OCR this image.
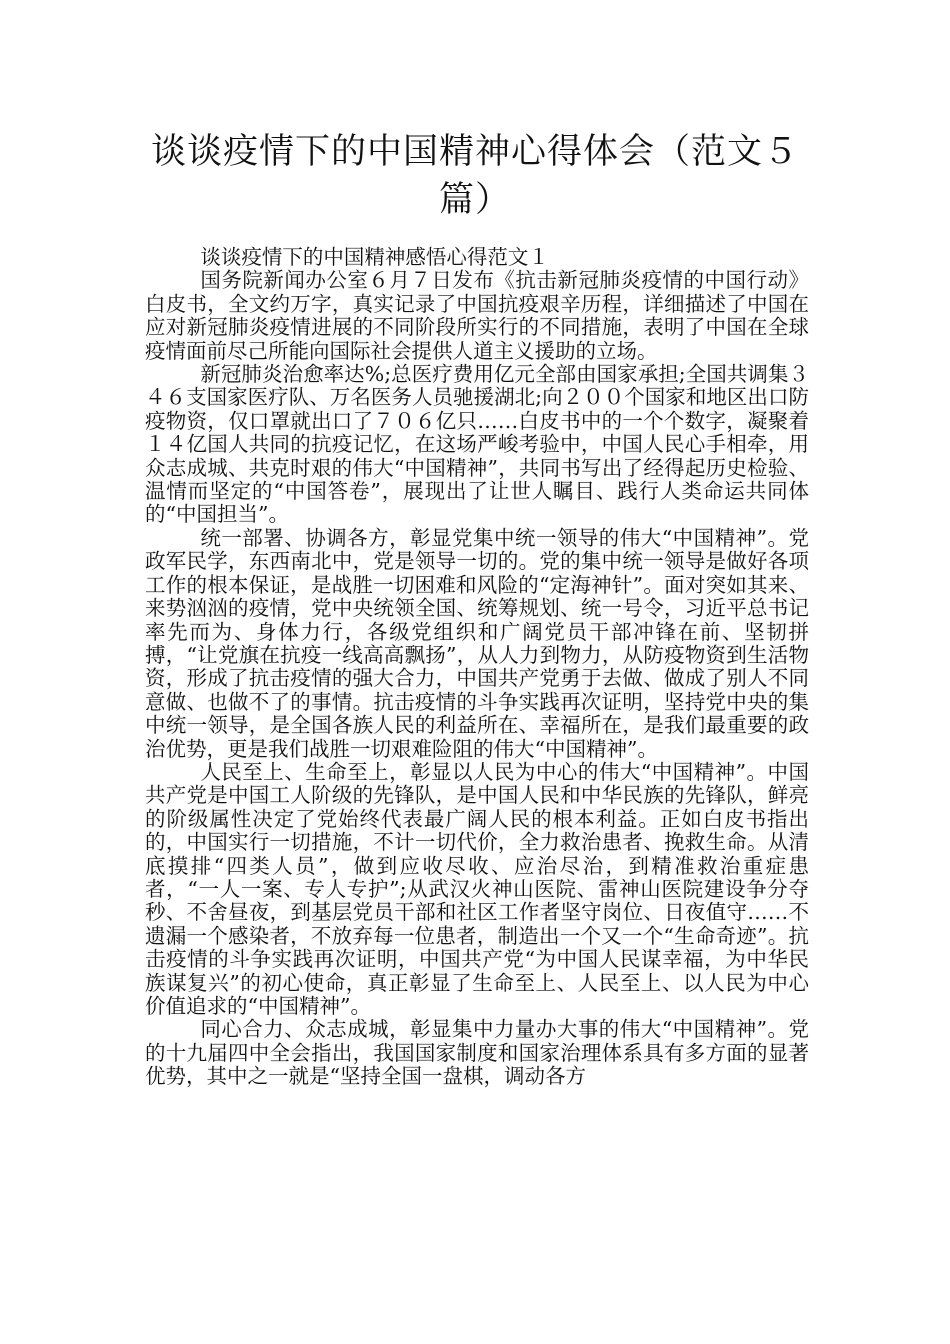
谈谈疫情下的中国精神心得体会（范文５篇）

谈谈疫情下的中国精神感悟心得范文１

国务院新闻办公室６月７日发布《抗击新冠肺炎疫情的中国行动》白皮书，全文约万字，真实记录了中国抗疫艰辛历程，详细描述了中国在应对新冠肺炎疫情进展的不同阶段所实行的不同措施，表明了中国在全球疫情面前尽己所能向国际社会提供人道主义援助的立场。

新冠肺炎治愈率达%;总医疗费用亿元全部由国家承担;全国共调集３４６支国家医疗队、万名医务人员驰援湖北;向２００个国家和地区出口防疫物资，仅口罩就出口了７０６亿只……白皮书中的一个个数字，凝聚着１４亿国人共同的抗疫记忆，在这场严峻考验中，中国人民心手相牵，用众志成城、共克时艰的伟大“中国精神”，共同书写出了经得起历史检验、温情而坚定的“中国答卷”，展现出了让世人瞩目、践行人类命运共同体的“中国担当”。

统一部署、协调各方，彰显党集中统一领导的伟大“中国精神”。党政军民学，东西南北中，党是领导一切的。党的集中统一领导是做好各项工作的根本保证，是战胜一切困难和风险的“定海神针”。面对突如其来、来势汹汹的疫情，党中央统领全国、统筹规划、统一号令，习近平总书记率先而为、身体力行，各级党组织和广阔党员干部冲锋在前、坚韧拼搏，“让党旗在抗疫一线高高飘扬”，从人力到物力，从防疫物资到生活物资，形成了抗击疫情的强大合力，中国共产党勇于去做、做成了别人不同意做、也做不了的事情。抗击疫情的斗争实践再次证明，坚持党中央的集中统一领导，是全国各族人民的利益所在、幸福所在，是我们最重要的政治优势，更是我们战胜一切艰难险阻的伟大“中国精神”。

人民至上、生命至上，彰显以人民为中心的伟大“中国精神”。中国共产党是中国工人阶级的先锋队，是中国人民和中华民族的先锋队，鲜亮的阶级属性决定了党始终代表最广阔人民的根本利益。正如白皮书指出的，中国实行一切措施，不计一切代价，全力救治患者、挽救生命。从清底摸排“四类人员”，做到应收尽收、应治尽治，到精准救治重症患者，“一人一案、专人专护”;从武汉火神山医院、雷神山医院建设争分夺秒、不舍昼夜，到基层党员干部和社区工作者坚守岗位、日夜值守……不遗漏一个感染者，不放弃每一位患者，制造出一个又一个“生命奇迹”。抗击疫情的斗争实践再次证明，中国共产党“为中国人民谋幸福，为中华民族谋复兴”的初心使命，真正彰显了生命至上、人民至上、以人民为中心价值追求的“中国精神”。

同心合力、众志成城，彰显集中力量办大事的伟大“中国精神”。党的十九届四中全会指出，我国国家制度和国家治理体系具有多方面的显著优势，其中之一就是“坚持全国一盘棋，调动各方
